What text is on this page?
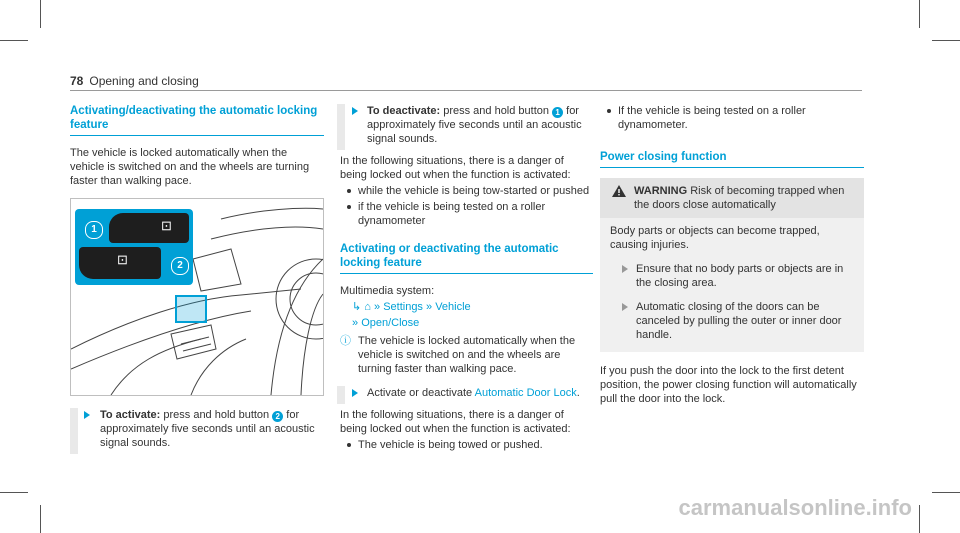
78 Opening and closing
Activating/deactivating the automatic locking feature

The vehicle is locked automatically when the vehicle is switched on and the wheels are turning faster than walking pace.

⊡
⊡
1
2
To activate: press and hold button 2 for approximately five seconds until an acoustic signal sounds.
To deactivate: press and hold button 1 for approximately five seconds until an acoustic signal sounds.

In the following situations, there is a danger of being locked out when the function is activated:

while the vehicle is being tow-started or pushed
if the vehicle is being tested on a roller dynamometer
Activating or deactivating the automatic locking feature

Multimedia system:

↳ ⌂ » Settings » Vehicle

» Open/Close

ⓘ The vehicle is locked automatically when the vehicle is switched on and the wheels are turning faster than walking pace.
Activate or deactivate Automatic Door Lock.

In the following situations, there is a danger of being locked out when the function is activated:

The vehicle is being towed or pushed.
If the vehicle is being tested on a roller dynamometer.
Power closing function
WARNING Risk of becoming trapped when the doors close automatically

Body parts or objects can become trapped, causing injuries.

Ensure that no body parts or objects are in the closing area.
Automatic closing of the doors can be canceled by pulling the outer or inner door handle.

If you push the door into the lock to the first detent position, the power closing function will automatically pull the door into the lock.

carmanualsonline.info
